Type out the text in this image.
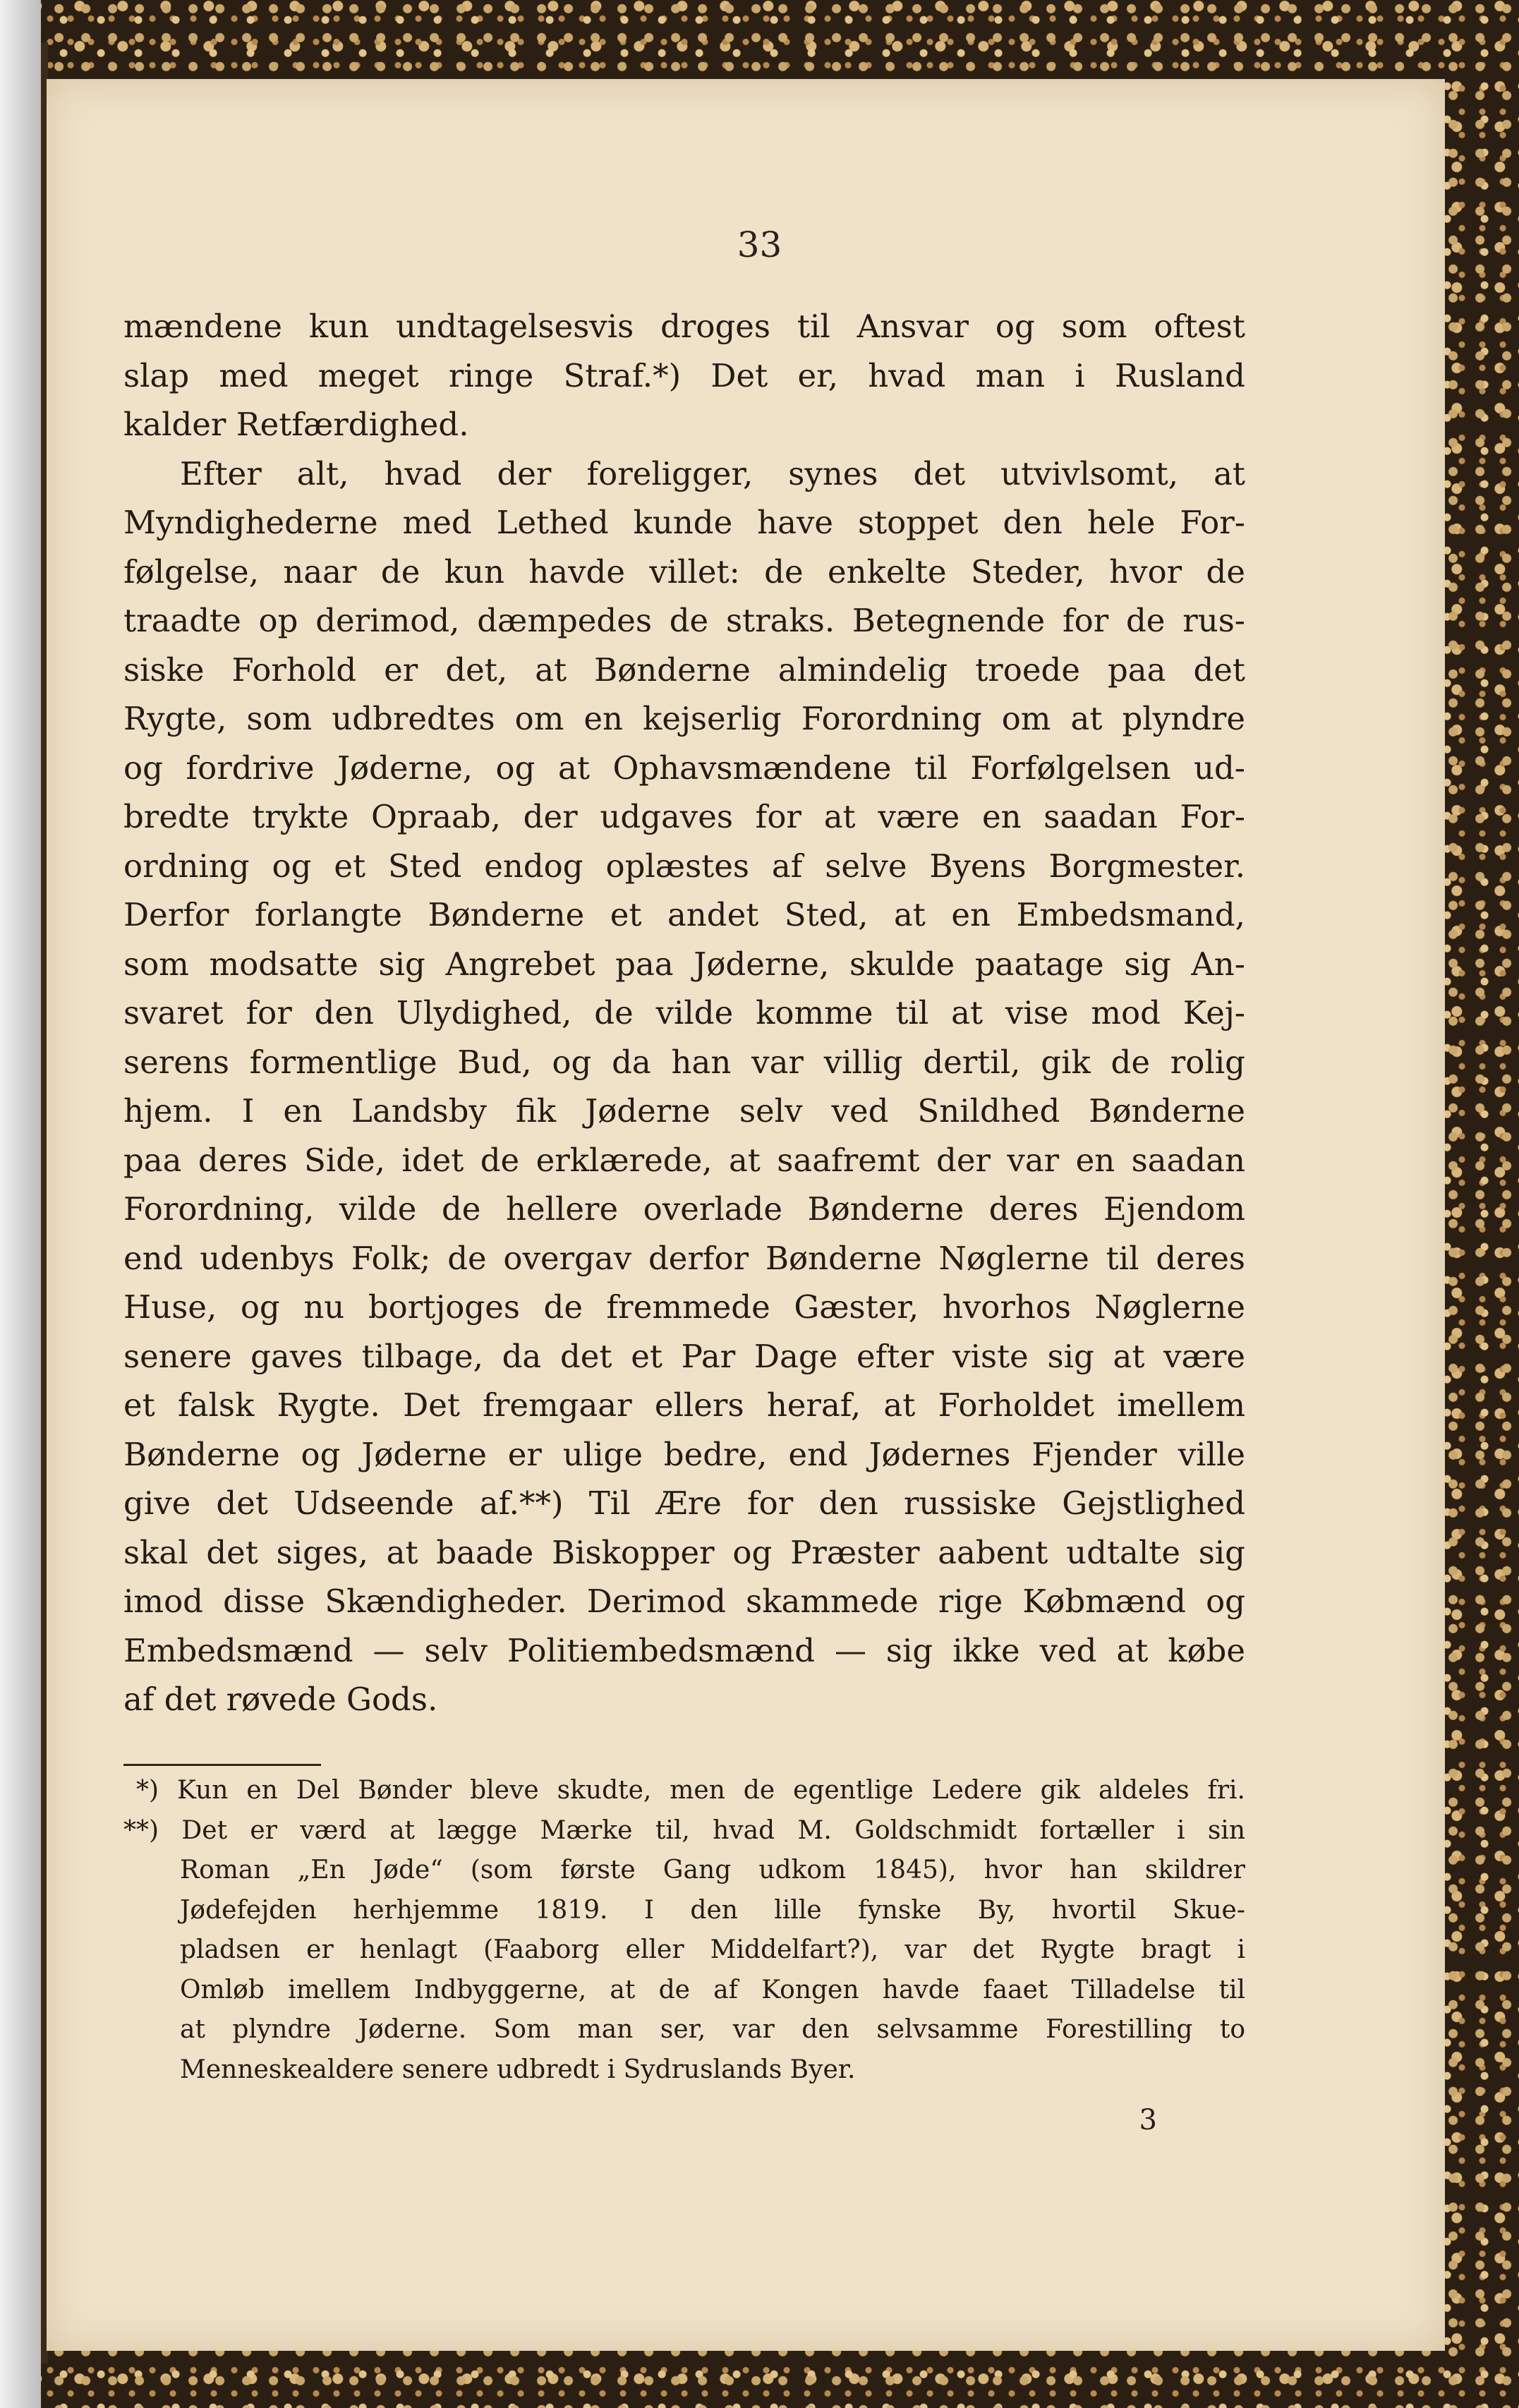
33
mændene kun undtagelsesvis droges til Ansvar og som oftest
slap med meget ringe Straf.*) Det er, hvad man i Rusland
kalder Retfærdighed.
Efter alt, hvad der foreligger, synes det utvivlsomt, at
Myndighederne med Lethed kunde have stoppet den hele For-
følgelse, naar de kun havde villet: de enkelte Steder, hvor de
traadte op derimod, dæmpedes de straks. Betegnende for de rus-
siske Forhold er det, at Bønderne almindelig troede paa det
Rygte, som udbredtes om en kejserlig Forordning om at plyndre
og fordrive Jøderne, og at Ophavsmændene til Forfølgelsen ud-
bredte trykte Opraab, der udgaves for at være en saadan For-
ordning og et Sted endog oplæstes af selve Byens Borgmester.
Derfor forlangte Bønderne et andet Sted, at en Embedsmand,
som modsatte sig Angrebet paa Jøderne, skulde paatage sig An-
svaret for den Ulydighed, de vilde komme til at vise mod Kej-
serens formentlige Bud, og da han var villig dertil, gik de rolig
hjem. I en Landsby fik Jøderne selv ved Snildhed Bønderne
paa deres Side, idet de erklærede, at saafremt der var en saadan
Forordning, vilde de hellere overlade Bønderne deres Ejendom
end udenbys Folk; de overgav derfor Bønderne Nøglerne til deres
Huse, og nu bortjoges de fremmede Gæster, hvorhos Nøglerne
senere gaves tilbage, da det et Par Dage efter viste sig at være
et falsk Rygte. Det fremgaar ellers heraf, at Forholdet imellem
Bønderne og Jøderne er ulige bedre, end Jødernes Fjender ville
give det Udseende af.**) Til Ære for den russiske Gejstlighed
skal det siges, at baade Biskopper og Præster aabent udtalte sig
imod disse Skændigheder. Derimod skammede rige Købmænd og
Embedsmænd — selv Politiembedsmænd — sig ikke ved at købe
af det røvede Gods.
*) Kun en Del Bønder bleve skudte, men de egentlige Ledere gik aldeles fri.
**) Det er værd at lægge Mærke til, hvad M. Goldschmidt fortæller i sin
Roman „En Jøde“ (som første Gang udkom 1845), hvor han skildrer
Jødefejden herhjemme 1819. I den lille fynske By, hvortil Skue-
pladsen er henlagt (Faaborg eller Middelfart?), var det Rygte bragt i
Omløb imellem Indbyggerne, at de af Kongen havde faaet Tilladelse til
at plyndre Jøderne. Som man ser, var den selvsamme Forestilling to
Menneskealdere senere udbredt i Sydruslands Byer.
3
